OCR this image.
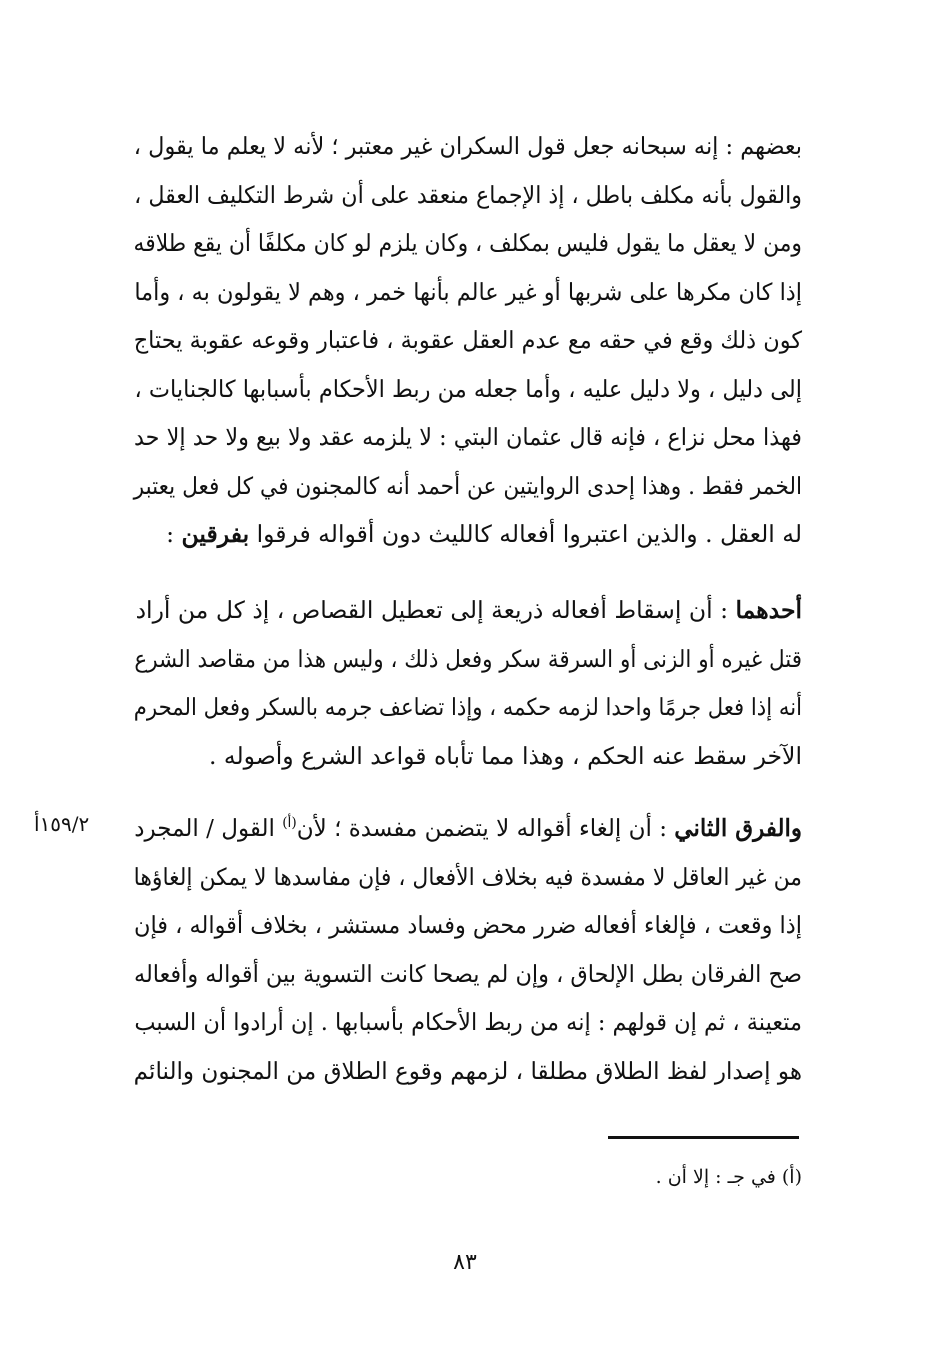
بعضهم : إنه سبحانه جعل قول السكران غير معتبر ؛ لأنه لا يعلم ما يقول ،
والقول بأنه مكلف باطل ، إذ الإجماع منعقد على أن شرط التكليف العقل ،
ومن لا يعقل ما يقول فليس بمكلف ، وكان يلزم لو كان مكلفًا أن يقع طلاقه
إذا كان مكرها على شربها أو غير عالم بأنها خمر ، وهم لا يقولون به ، وأما
كون ذلك وقع في حقه مع عدم العقل عقوبة ، فاعتبار وقوعه عقوبة يحتاج
إلى دليل ، ولا دليل عليه ، وأما جعله من ربط الأحكام بأسبابها كالجنايات ،
فهذا محل نزاع ، فإنه قال عثمان البتي : لا يلزمه عقد ولا بيع ولا حد إلا حد
الخمر فقط . وهذا إحدى الروايتين عن أحمد أنه كالمجنون في كل فعل يعتبر
له العقل . والذين اعتبروا أفعاله كالليث دون أقواله فرقوا بفرقين :
أحدهما : أن إسقاط أفعاله ذريعة إلى تعطيل القصاص ، إذ كل من أراد
قتل غيره أو الزنى أو السرقة سكر وفعل ذلك ، وليس هذا من مقاصد الشرع
أنه إذا فعل جرمًا واحدا لزمه حكمه ، وإذا تضاعف جرمه بالسكر وفعل المحرم
الآخر سقط عنه الحكم ، وهذا مما تأباه قواعد الشرع وأصوله .
١٥٩/٢أ	والفرق الثاني : أن إلغاء أقواله لا يتضمن مفسدة ؛ لأن$^{(أ)}$ القول / المجرد
من غير العاقل لا مفسدة فيه بخلاف الأفعال ، فإن مفاسدها لا يمكن إلغاؤها
إذا وقعت ، فإلغاء أفعاله ضرر محض وفساد مستشر ، بخلاف أقواله ، فإن
صح الفرقان بطل الإلحاق ، وإن لم يصحا كانت التسوية بين أقواله وأفعاله
متعينة ، ثم إن قولهم : إنه من ربط الأحكام بأسبابها . إن أرادوا أن السبب
هو إصدار لفظ الطلاق مطلقا ، لزمهم وقوع الطلاق من المجنون والنائم
(أ) في جـ : إلا أن .
٨٣
